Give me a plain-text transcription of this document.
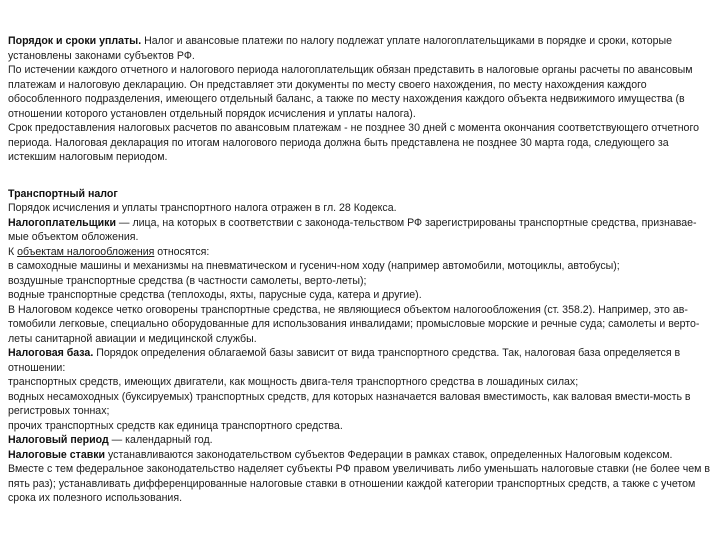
Порядок и сроки уплаты. Налог и авансовые платежи по налогу подлежат уплате налогоплательщиками в порядке и сроки, которые установлены законами субъектов РФ.

По истечении каждого отчетного и налогового периода налогоплательщик обязан представить в налоговые органы расчеты по авансовым платежам и налоговую декларацию. Он представляет эти документы по месту своего нахождения, по месту нахождения каждого обособленного подразделения, имеющего отдельный баланс, а также по месту нахождения каждого объекта недвижимого имущества (в отношении которого установлен отдельный порядок исчисления и уплаты налога).

Срок предоставления налоговых расчетов по авансовым платежам - не позднее 30 дней с момента окончания соответствующего отчетного периода. Налоговая декларация по итогам налогового периода должна быть представлена не позднее 30 марта года, следующего за истекшим налоговым периодом.

Транспортный налог

Порядок исчисления и уплаты транспортного налога отражен в гл. 28 Кодекса.

Налогоплательщики — лица, на которых в соответствии с законода-тельством РФ зарегистрированы транспортные средства, признавае-мые объектом обложения.

К объектам налогообложения относятся:

в самоходные машины и механизмы на пневматическом и гусенич-ном ходу (например автомобили, мотоциклы, автобусы);

воздушные транспортные средства (в частности самолеты, верто-леты);

водные транспортные средства (теплоходы, яхты, парусные суда, катера и другие).

В Налоговом кодексе четко оговорены транспортные средства, не являющиеся объектом налогообложения (ст. 358.2). Например, это ав-томобили легковые, специально оборудованные для использования инвалидами; промысловые морские и речные суда; самолеты и верто-леты санитарной авиации и медицинской службы.

Налоговая база. Порядок определения облагаемой базы зависит от вида транспортного средства. Так, налоговая база определяется в отношении:

транспортных средств, имеющих двигатели, как мощность двига-теля транспортного средства в лошадиных силах;

водных несамоходных (буксируемых) транспортных средств, для которых назначается валовая вместимость, как валовая вмести-мость в регистровых тоннах;

прочих транспортных средств как единица транспортного средства.

Налоговый период — календарный год.

Налоговые ставки устанавливаются законодательством субъектов Федерации в рамках ставок, определенных Налоговым кодексом.

Вместе с тем федеральное законодательство наделяет субъекты РФ правом увеличивать либо уменьшать налоговые ставки (не более чем в пять раз); устанавливать дифференцированные налоговые ставки в отношении каждой категории транспортных средств, а также с учетом срока их полезного использования.
